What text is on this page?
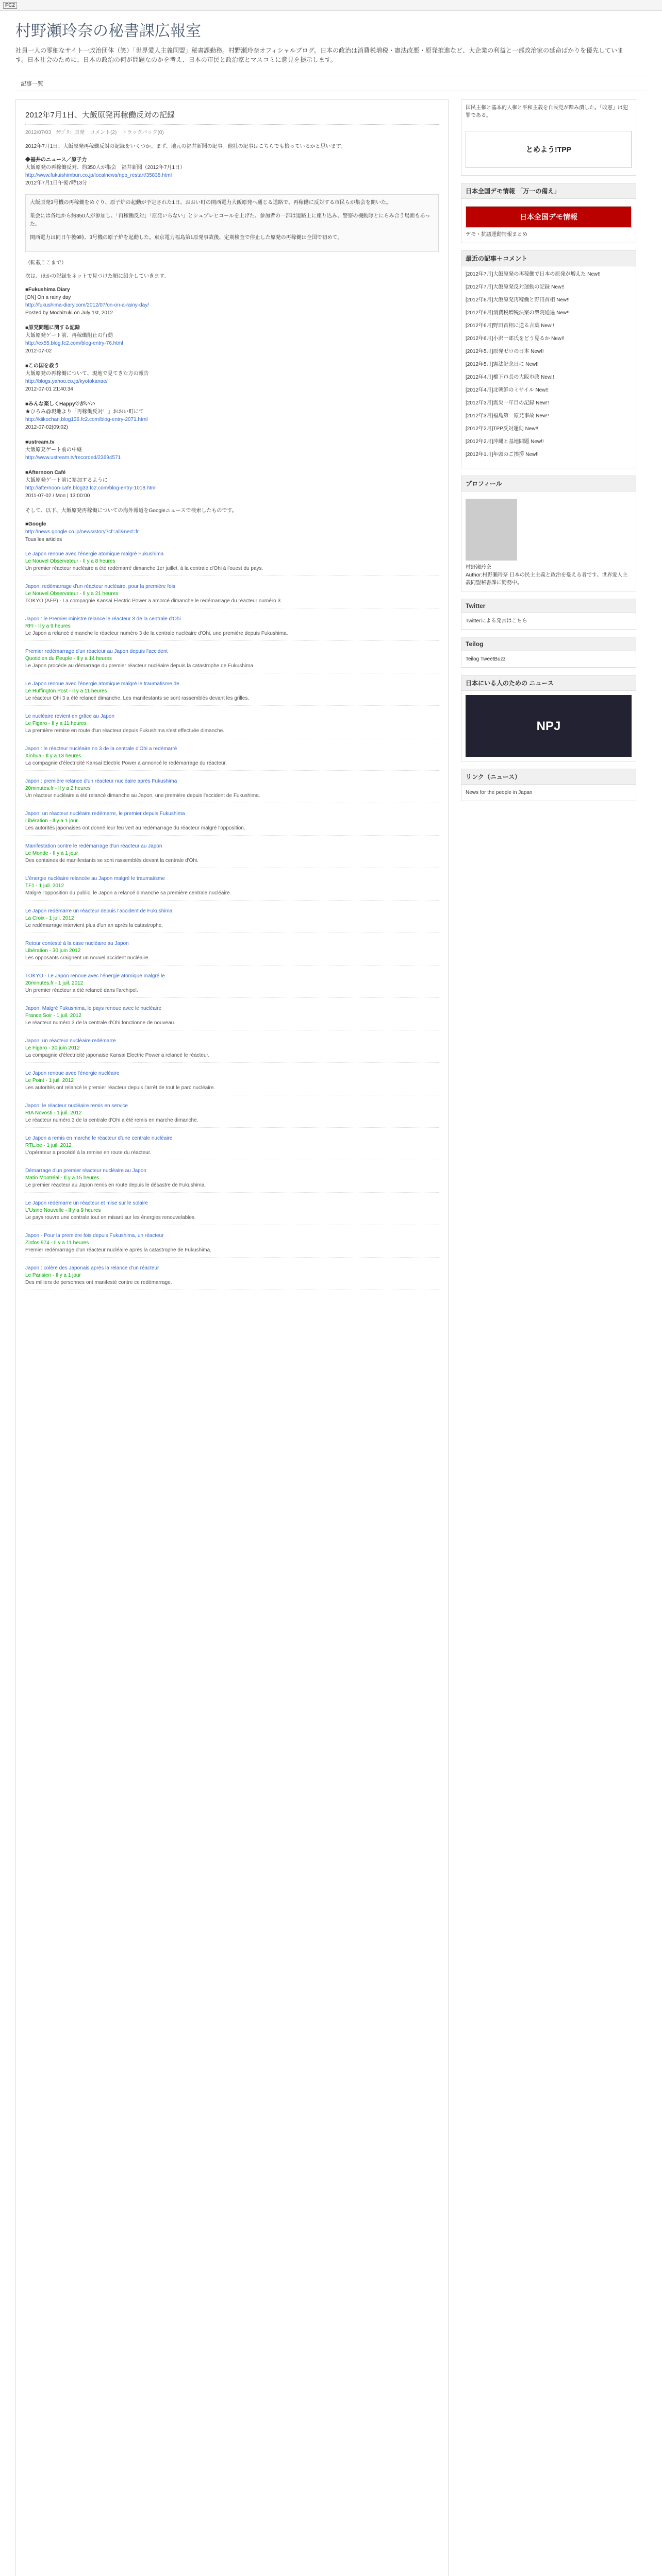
FC2
村野瀬玲奈の秘書課広報室
社員一人の零細なサイト一政治団体（笑）「世界愛人主義同盟」秘書課勤務。村野瀬玲奈オフィシャルブログ。日本の政治は消費税増税・憲法改悪・原発推進など、大企業の利益と一部政治家の延命ばかりを優先しています。日本社会のために、日本の政治の何が問題なのかを考え、日本の市民と政治家とマスコミに意見を提示します。
記事一覧
2012年7月1日、大飯原発再稼働反対の記録
2012/07/03　ｶﾃｺﾞﾘ：原発　コメント(2)　トラックバック(0)

2012年7月1日、大飯原発再稼働反対の記録をいくつか。まず、地元の福井新聞の記事。他社の記事はこちらでも拾っているかと思います。

◆福井のニュース／原子力
大飯原発の再稼働反対、約350人が集会　福井新聞（2012年7月1日）
http://www.fukuishimbun.co.jp/localnews/npp_restart/35838.html
2012年7月1日午後7時13分

大飯原発3号機の再稼働をめぐり、原子炉の起動が予定された1日、おおい町の関西電力大飯原発へ通じる道路で、再稼働に反対する市民らが集会を開いた。

集会には各地から約350人が参加し、「再稼働反対」「原発いらない」とシュプレヒコールを上げた。参加者の一部は道路上に座り込み、警察の機動隊とにらみ合う場面もあった。

関西電力は同日午後9時、3号機の原子炉を起動した。東京電力福島第1原発事故後、定期検査で停止した原発の再稼働は全国で初めて。

（転載ここまで）

次は、ほかの記録をネットで見つけた順に紹介していきます。

■Fukushima Diary
[ON] On a rainy day
http://fukushima-diary.com/2012/07/on-on-a-rainy-day/
Posted by Mochizuki on July 1st, 2012
■原発問題に関する記録
大飯原発ゲート前、再稼働阻止の行動
http://ex55.blog.fc2.com/blog-entry-76.html
2012-07-02
■この国を救う
大飯原発の再稼働について、現地で見てきた方の報告
http://blogs.yahoo.co.jp/kyotokanae/
2012-07-01 21:40:34
■みんな楽しくHappy♡がいい
★ひろみ@現地より「再稼働反対！」おおい町にて
http://kiikochan.blog136.fc2.com/blog-entry-2071.html
2012-07-02(09:02)
■ustream.tv
大飯原発ゲート前の中継
http://www.ustream.tv/recorded/23694571
■Afternoon Café
大飯原発ゲート前に参加するように
http://afternoon-cafe.blog33.fc2.com/blog-entry-1018.html
2011-07-02 / Mon | 13:00:00

そして、以下、大飯原発再稼働についての海外報道をGoogleニュースで検索したものです。

■Google
http://news.google.co.jp/news/story?cf=all&ned=fr
Tous les articles
Le Japon renoue avec l'énergie atomique malgré Fukushima
Le Nouvel Observateur - Il y a 8 heures
Un premier réacteur nucléaire a été redémarré dimanche 1er juillet, à la centrale d'Ohi à l'ouest du pays.
Japon: redémarrage d'un réacteur nucléaire, pour la première fois
Le Nouvel Observateur - Il y a 21 heures
TOKYO (AFP) - La compagnie Kansai Electric Power a amorcé dimanche le redémarrage du réacteur numéro 3.
Japon : le Premier ministre relance le réacteur 3 de la centrale d'Ohi
RFI - Il y a 9 heures
Le Japon a relancé dimanche le réacteur numéro 3 de la centrale nucléaire d'Ohi, une première depuis Fukushima.
Premier redémarrage d'un réacteur au Japon depuis l'accident
Quotidien du Peuple - Il y a 14 heures
Le Japon procède au démarrage du premier réacteur nucléaire depuis la catastrophe de Fukushima.
Le Japon renoue avec l'énergie atomique malgré le traumatisme de
Le Huffington Post - Il y a 11 heures
Le réacteur Ohi 3 a été relancé dimanche. Les manifestants se sont rassemblés devant les grilles.
Le nucléaire revient en grâce au Japon
Le Figaro - Il y a 11 heures
La première remise en route d'un réacteur depuis Fukushima s'est effectuée dimanche.
Japon : le réacteur nucléaire no 3 de la centrale d'Ohi a redémarré
Xinhua - Il y a 13 heures
La compagnie d'électricité Kansai Electric Power a annoncé le redémarrage du réacteur.
Japon : première relance d'un réacteur nucléaire après Fukushima
20minutes.fr - Il y a 2 heures
Un réacteur nucléaire a été relancé dimanche au Japon, une première depuis l'accident de Fukushima.
Japon: un réacteur nucléaire redémarre, le premier depuis Fukushima
Libération - Il y a 1 jour
Les autorités japonaises ont donné leur feu vert au redémarrage du réacteur malgré l'opposition.
Manifestation contre le redémarrage d'un réacteur au Japon
Le Monde - Il y a 1 jour
Des centaines de manifestants se sont rassemblés devant la centrale d'Ohi.
L'énergie nucléaire relancée au Japon malgré le traumatisme
TF1 - 1 juil. 2012
Malgré l'opposition du public, le Japon a relancé dimanche sa première centrale nucléaire.
Le Japon redémarre un réacteur depuis l'accident de Fukushima
La Croix - 1 juil. 2012
Le redémarrage intervient plus d'un an après la catastrophe.
Retour contesté à la case nucléaire au Japon
Libération - 30 juin 2012
Les opposants craignent un nouvel accident nucléaire.
TOKYO - Le Japon renoue avec l'énergie atomique malgré le
20minutes.fr - 1 juil. 2012
Un premier réacteur a été relancé dans l'archipel.
Japon: Malgré Fukushima, le pays renoue avec le nucléaire
France Soir - 1 juil. 2012
Le réacteur numéro 3 de la centrale d'Ohi fonctionne de nouveau.
Japon: un réacteur nucléaire redémarre
Le Figaro - 30 juin 2012
La compagnie d'électricité japonaise Kansai Electric Power a relancé le réacteur.
Le Japon renoue avec l'énergie nucléaire
Le Point - 1 juil. 2012
Les autorités ont relancé le premier réacteur depuis l'arrêt de tout le parc nucléaire.
Japon: le réacteur nucléaire remis en service
RIA Novosti - 1 juil. 2012
Le réacteur numéro 3 de la centrale d'Ohi a été remis en marche dimanche.
Le Japon a remis en marche le réacteur d'une centrale nucléaire
RTL.be - 1 juil. 2012
L'opérateur a procédé à la remise en route du réacteur.
Démarrage d'un premier réacteur nucléaire au Japon
Matin Montréal - Il y a 15 heures
Le premier réacteur au Japon remis en route depuis le désastre de Fukushima.
Le Japon redémarre un réacteur et mise sur le solaire
L'Usine Nouvelle - Il y a 9 heures
Le pays rouvre une centrale tout en misant sur les énergies renouvelables.
Japon - Pour la première fois depuis Fukushima, un réacteur
Zinfos 974 - Il y a 11 heures
Premier redémarrage d'un réacteur nucléaire après la catastrophe de Fukushima.
Japon : colère des Japonais après la relance d'un réacteur
Le Parisien - Il y a 1 jour
Des milliers de personnes ont manifesté contre ce redémarrage.
国民主権と基本的人権と平和主義を自民党が踏み潰した。「改憲」は犯罪である。
とめよう!TPP
日本全国デモ情報 「万一の備え」
日本全国デモ情報
デモ・抗議運動情報まとめ
最近の記事＋コメント
[2012年7月]大飯原発の再稼働で日本の原発が増えた New!!
[2012年7月]大飯原発反対運動の記録 New!!
[2012年6月]大飯原発再稼働と野田首相 New!!
[2012年6月]消費税増税法案の衆院通過 New!!
[2012年6月]野田首相に送る言葉 New!!
[2012年6月]小沢一郎氏をどう見るか New!!
[2012年5月]原発ゼロの日本 New!!
[2012年5月]憲法記念日に New!!
[2012年4月]橋下市長の大阪市政 New!!
[2012年4月]北朝鮮のミサイル New!!
[2012年3月]震災一年目の記録 New!!
[2012年3月]福島第一原発事故 New!!
[2012年2月]TPP反対運動 New!!
[2012年2月]沖縄と基地問題 New!!
[2012年1月]年頭のご挨拶 New!!
プロフィール
村野瀬玲奈
Author:村野瀬玲奈 日本の民主主義と政治を憂える者です。世界愛人主義同盟秘書課に勤務中。
Twitter
Twitterによる発言はこちら
Teilog
Teilog TweetBuzz
日本にいる人のための ニュース
NPJ
リンク（ニュース）
News for the people in Japan
